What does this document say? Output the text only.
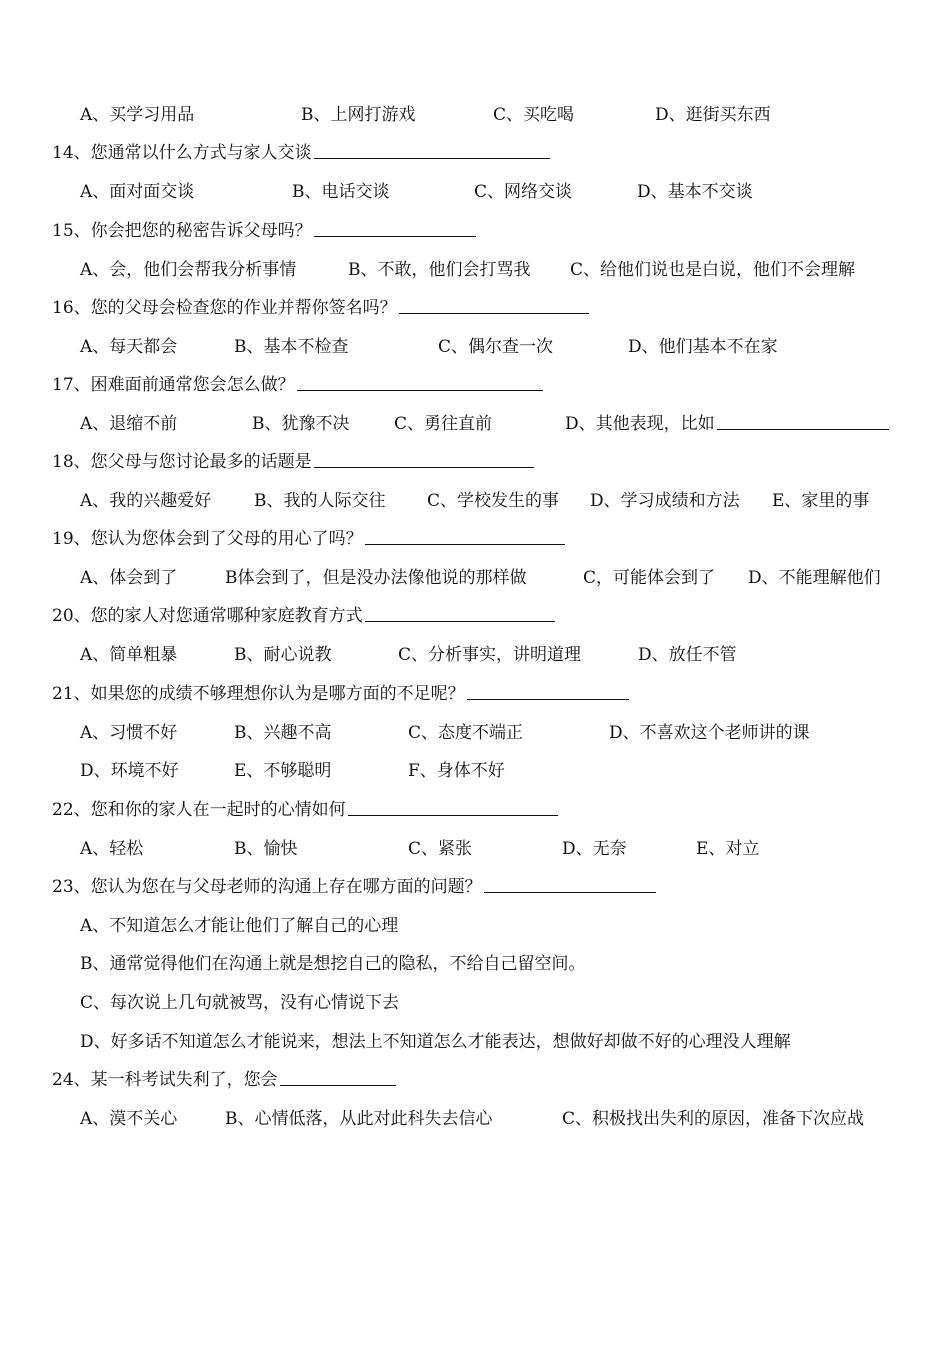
A、买学习用品	B、上网打游戏	C、买吃喝	D、逛街买东西
14、您通常以什么方式与家人交谈
A、面对面交谈	B、电话交谈	C、网络交谈	D、基本不交谈
15、你会把您的秘密告诉父母吗？
A、会，他们会帮我分析事情	B、不敢，他们会打骂我 C、给他们说也是白说，他们不会理解
16、您的父母会检查您的作业并帮你签名吗？
A、每天都会	B、基本不检查	C、偶尔查一次	D、他们基本不在家
17、困难面前通常您会怎么做？
A、退缩不前	B、犹豫不决	C、勇往直前	D、其他表现，比如
18、您父母与您讨论最多的话题是
A、我的兴趣爱好	B、我的人际交往 C、学校发生的事 D、学习成绩和方法 E、家里的事
19、您认为您体会到了父母的用心了吗？
A、体会到了	B体会到了，但是没办法像他说的那样做	C，可能体会到了 D、不能理解他们
20、您的家人对您通常哪种家庭教育方式
A、简单粗暴	B、耐心说教	C、分析事实，讲明道理	D、放任不管
21、如果您的成绩不够理想你认为是哪方面的不足呢？
A、习惯不好	B、兴趣不高	C、态度不端正	D、不喜欢这个老师讲的课
D、环境不好	E、不够聪明	F、身体不好
22、您和你的家人在一起时的心情如何
A、轻松	B、愉快	C、紧张	D、无奈	E、对立
23、您认为您在与父母老师的沟通上存在哪方面的问题？
A、不知道怎么才能让他们了解自己的心理
B、通常觉得他们在沟通上就是想挖自己的隐私，不给自己留空间。
C、每次说上几句就被骂，没有心情说下去
D、好多话不知道怎么才能说来，想法上不知道怎么才能表达，想做好却做不好的心理没人理解
24、某一科考试失利了，您会
A、漠不关心	B、心情低落，从此对此科失去信心	C、积极找出失利的原因，准备下次应战
